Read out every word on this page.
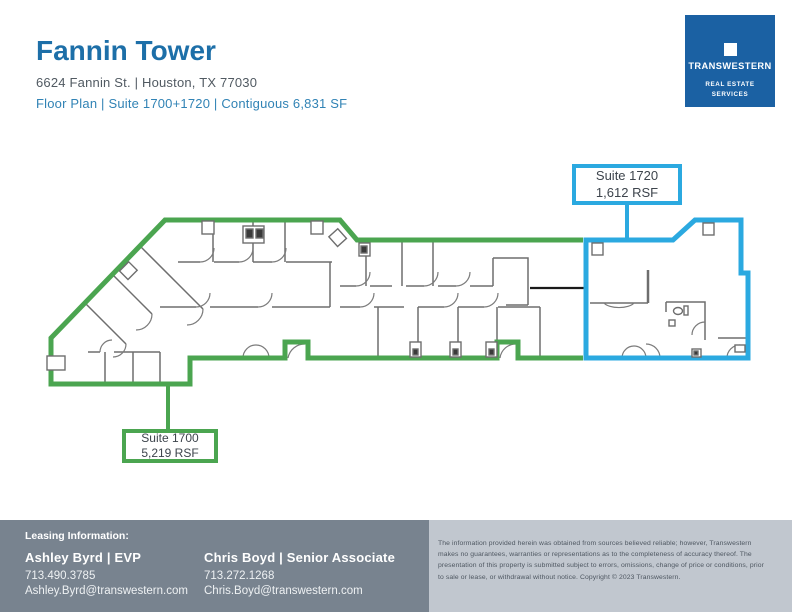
Fannin Tower
6624 Fannin St. | Houston, TX 77030
Floor Plan | Suite 1700+1720 | Contiguous 6,831 SF
TRANSWESTERN
REAL ESTATE
SERVICES
Suite 1720
1,612 RSF
Suite 1700
5,219 RSF
Leasing Information:
Ashley Byrd | EVP
713.490.3785
Ashley.Byrd@transwestern.com
Chris Boyd | Senior Associate
713.272.1268
Chris.Boyd@transwestern.com
The information provided herein was obtained from sources believed reliable; however, Transwestern makes no guarantees, warranties or representations as to the completeness of accuracy thereof. The presentation of this property is submitted subject to errors, omissions, change of price or conditions, prior to sale or lease, or withdrawal without notice. Copyright © 2023 Transwestern.
